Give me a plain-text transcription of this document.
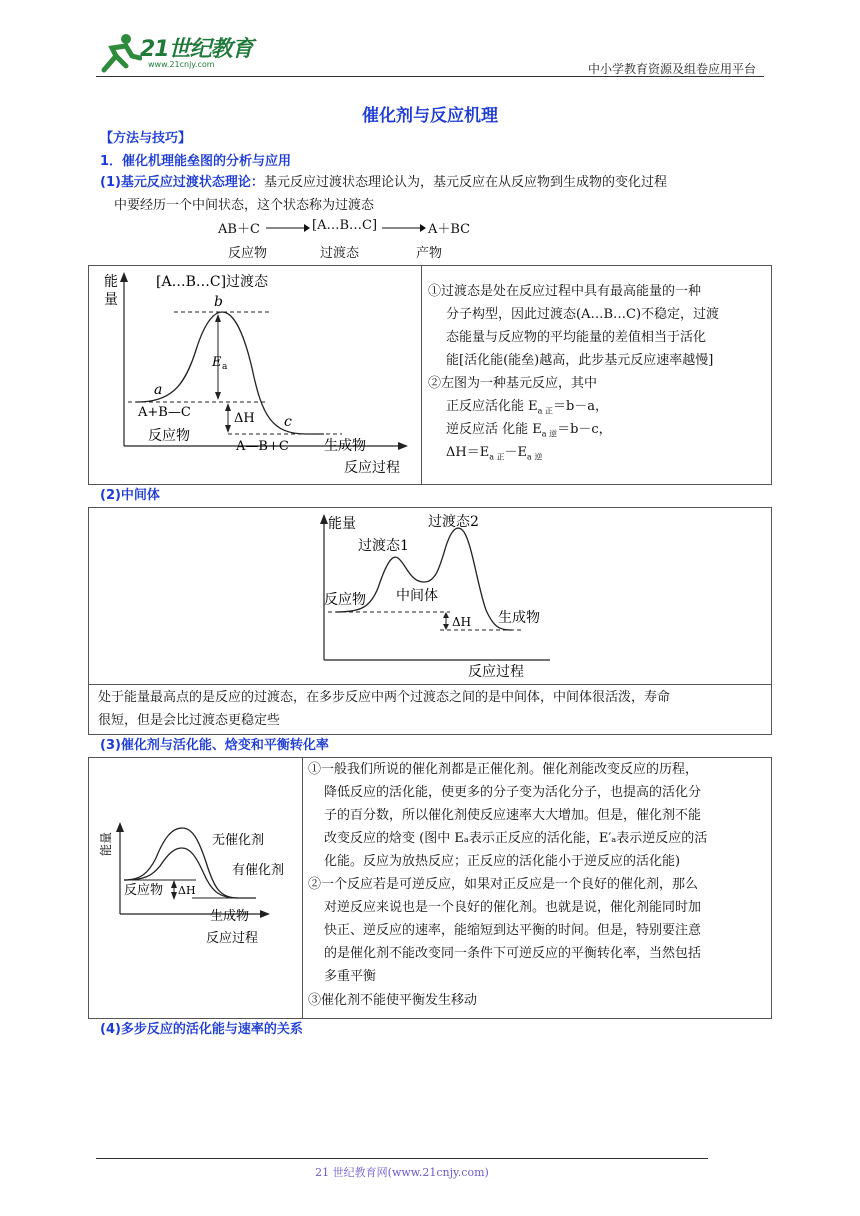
21世纪教育
www.21cnjy.com	中小学教育资源及组卷应用平台
催化剂与反应机理
【方法与技巧】
1．催化机理能垒图的分析与应用
(1)基元反应过渡状态理论：基元反应过渡状态理论认为，基元反应在从反应物到生成物的变化过程
中要经历一个中间状态，这个状态称为过渡态
AB＋C	[A…B…C]	A＋BC
反应物	过渡态	产物
能
量
[A…B…C]过渡态
b
a
c
E a
ΔH
A+B—C
反应物
A—B+C	生成物
反应过程
①过渡态是处在反应过程中具有最高能量的一种
分子构型，因此过渡态(A…B…C)不稳定，过渡
态能量与反应物的平均能量的差值相当于活化
能[活化能(能垒)越高，此步基元反应速率越慢]
②左图为一种基元反应，其中
正反应活化能 $E_{a 正}=b-a$，
逆反应活 化能 $E_{a 逆}=b-c$，
$\Delta H=E_{a 正}-E_{a 逆}$
(2)中间体
能量
过渡态1
过渡态2
中间体
反应物
生成物
ΔH
反应过程
处于能量最高点的是反应的过渡态，在多步反应中两个过渡态之间的是中间体，中间体很活泼，寿命
很短，但是会比过渡态更稳定些
(3)催化剂与活化能、焓变和平衡转化率
能量	无催化剂
有催化剂
反应物 ΔH
生成物
反应过程
①一般我们所说的催化剂都是正催化剂。催化剂能改变反应的历程，
降低反应的活化能，使更多的分子变为活化分子，也提高的活化分
子的百分数，所以催化剂使反应速率大大增加。但是，催化剂不能
改变反应的焓变 (图中 Eₐ表示正反应的活化能，E′ₐ表示逆反应的活
化能。反应为放热反应；正反应的活化能小于逆反应的活化能)
②一个反应若是可逆反应，如果对正反应是一个良好的催化剂，那么
对逆反应来说也是一个良好的催化剂。也就是说，催化剂能同时加
快正、逆反应的速率，能缩短到达平衡的时间。但是，特别要注意
的是催化剂不能改变同一条件下可逆反应的平衡转化率，当然包括
多重平衡
③催化剂不能使平衡发生移动
(4)多步反应的活化能与速率的关系
21 世纪教育网(www.21cnjy.com)
